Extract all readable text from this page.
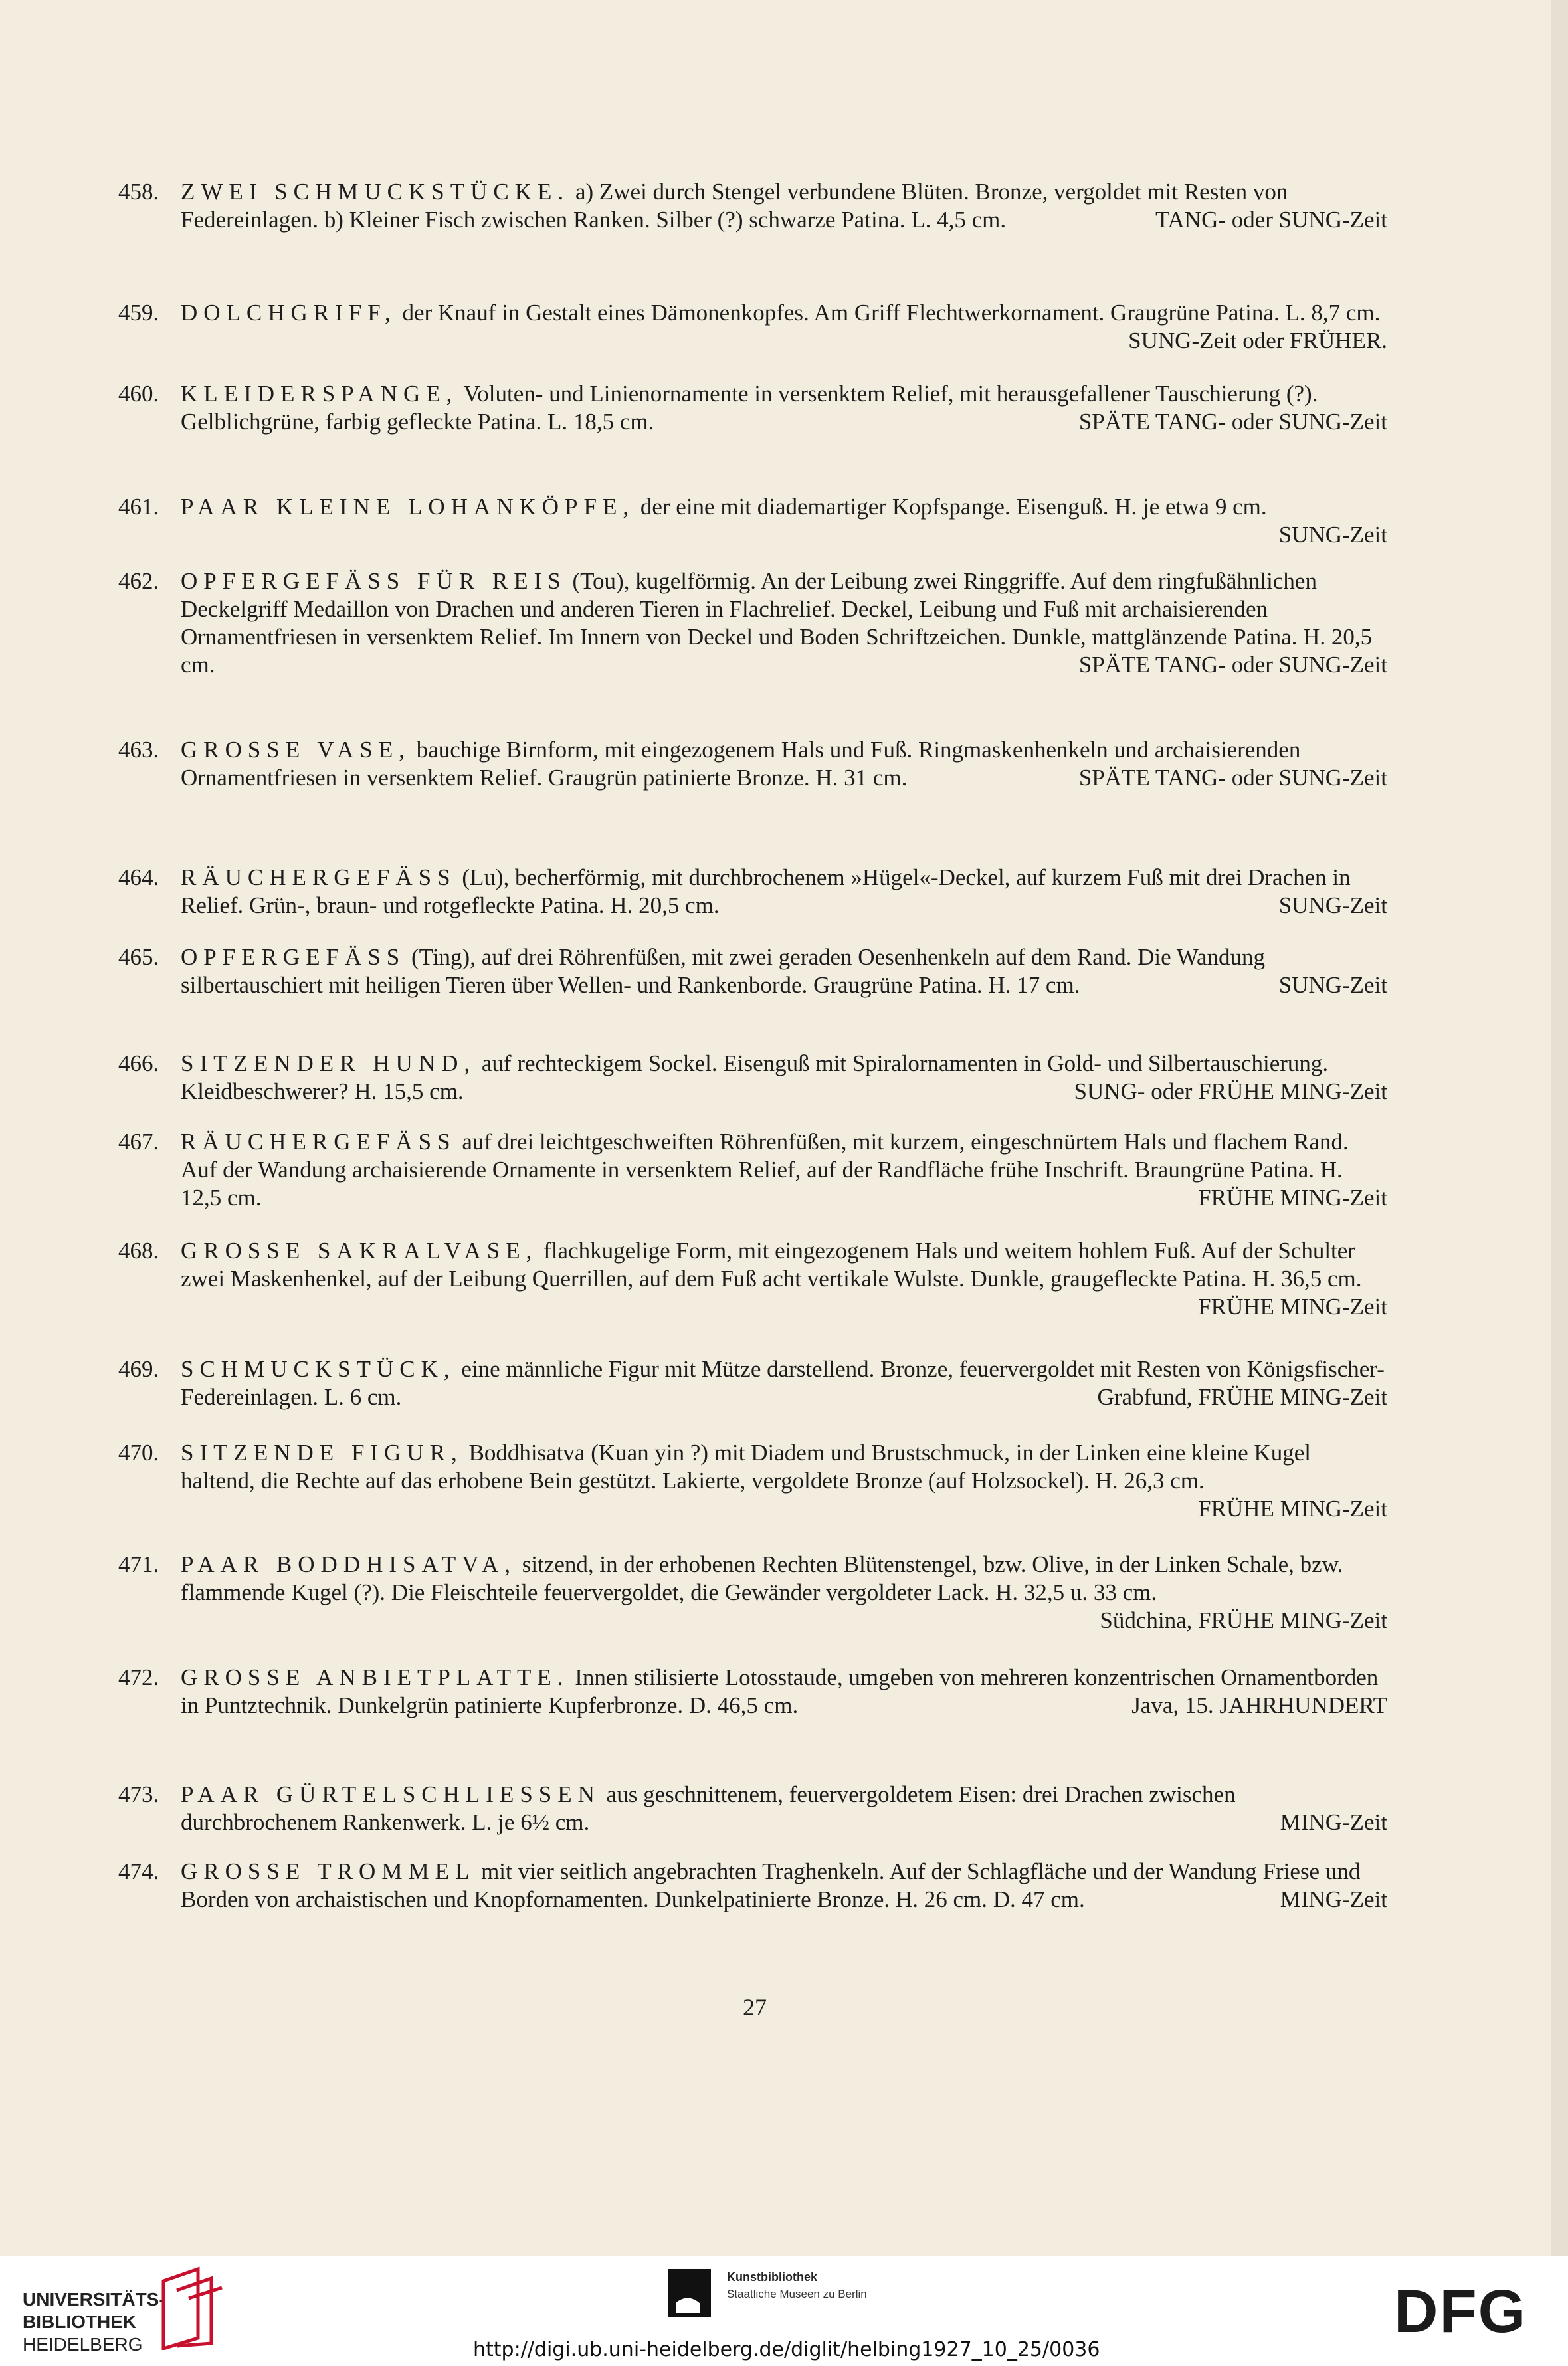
458. ZWEI SCHMUCKSTÜCKE. a) Zwei durch Stengel verbundene Blüten. Bronze, vergoldet mit Resten von Federeinlagen. b) Kleiner Fisch zwischen Ranken. Silber (?) schwarze Patina. L. 4,5 cm.	TANG- oder SUNG-Zeit
459. DOLCHGRIFF, der Knauf in Gestalt eines Dämonenkopfes. Am Griff Flechtwerkornament. Graugrüne Patina. L. 8,7 cm.
SUNG-Zeit oder FRÜHER.
460. KLEIDERSPANGE, Voluten- und Linienornamente in versenktem Relief, mit herausgefallener Tauschierung (?). Gelblichgrüne, farbig gefleckte Patina. L. 18,5 cm.	SPÄTE TANG- oder SUNG-Zeit
461. PAAR KLEINE LOHANKÖPFE, der eine mit diademartiger Kopfspange. Eisenguß. H. je etwa 9 cm.
SUNG-Zeit
462. OPFERGEFÄSS FÜR REIS (Tou), kugelförmig. An der Leibung zwei Ringgriffe. Auf dem ringfußähnlichen Deckelgriff Medaillon von Drachen und anderen Tieren in Flachrelief. Deckel, Leibung und Fuß mit archaisierenden Ornamentfriesen in versenktem Relief. Im Innern von Deckel und Boden Schriftzeichen. Dunkle, mattglänzende Patina. H. 20,5 cm.	SPÄTE TANG- oder SUNG-Zeit
463. GROSSE VASE, bauchige Birnform, mit eingezogenem Hals und Fuß. Ringmaskenhenkeln und archaisierenden Ornamentfriesen in versenktem Relief. Graugrün patinierte Bronze. H. 31 cm.	SPÄTE TANG- oder SUNG-Zeit
464. RÄUCHERGEFÄSS (Lu), becherförmig, mit durchbrochenem »Hügel«-Deckel, auf kurzem Fuß mit drei Drachen in Relief. Grün-, braun- und rotgefleckte Patina. H. 20,5 cm.	SUNG-Zeit
465. OPFERGEFÄSS (Ting), auf drei Röhrenfüßen, mit zwei geraden Oesenhenkeln auf dem Rand. Die Wandung silbertauschiert mit heiligen Tieren über Wellen- und Rankenborde. Graugrüne Patina. H. 17 cm.	SUNG-Zeit
466. SITZENDER HUND, auf rechteckigem Sockel. Eisenguß mit Spiralornamenten in Gold- und Silbertauschierung. Kleidbeschwerer? H. 15,5 cm.	SUNG- oder FRÜHE MING-Zeit
467. RÄUCHERGEFÄSS auf drei leichtgeschweiften Röhrenfüßen, mit kurzem, eingeschnürtem Hals und flachem Rand. Auf der Wandung archaisierende Ornamente in versenktem Relief, auf der Randfläche frühe Inschrift. Braungrüne Patina. H. 12,5 cm.	FRÜHE MING-Zeit
468. GROSSE SAKRALVASE, flachkugelige Form, mit eingezogenem Hals und weitem hohlem Fuß. Auf der Schulter zwei Maskenhenkel, auf der Leibung Querrillen, auf dem Fuß acht vertikale Wulste. Dunkle, graugefleckte Patina. H. 36,5 cm.
FRÜHE MING-Zeit
469. SCHMUCKSTÜCK, eine männliche Figur mit Mütze darstellend. Bronze, feuervergoldet mit Resten von Königsfischer-Federeinlagen. L. 6 cm.	Grabfund, FRÜHE MING-Zeit
470. SITZENDE FIGUR, Boddhisatva (Kuan yin ?) mit Diadem und Brustschmuck, in der Linken eine kleine Kugel haltend, die Rechte auf das erhobene Bein gestützt. Lakierte, vergoldete Bronze (auf Holzsockel). H. 26,3 cm.
FRÜHE MING-Zeit
471. PAAR BODDHISATVA, sitzend, in der erhobenen Rechten Blütenstengel, bzw. Olive, in der Linken Schale, bzw. flammende Kugel (?). Die Fleischteile feuervergoldet, die Gewänder vergoldeter Lack. H. 32,5 u. 33 cm.
Südchina, FRÜHE MING-Zeit
472. GROSSE ANBIETPLATTE. Innen stilisierte Lotosstaude, umgeben von mehreren konzentrischen Ornamentborden in Puntztechnik. Dunkelgrün patinierte Kupferbronze. D. 46,5 cm.	Java, 15. JAHRHUNDERT
473. PAAR GÜRTELSCHLIESSEN aus geschnittenem, feuervergoldetem Eisen: drei Drachen zwischen durchbrochenem Rankenwerk. L. je 6½ cm.	MING-Zeit
474. GROSSE TROMMEL mit vier seitlich angebrachten Traghenkeln. Auf der Schlagfläche und der Wandung Friese und Borden von archaistischen und Knopfornamenten. Dunkelpatinierte Bronze. H. 26 cm. D. 47 cm.	MING-Zeit
27
UNIVERSITÄTS-
BIBLIOTHEK
HEIDELBERG
Kunstbibliothek
Staatliche Museen zu Berlin	DFG
http://digi.ub.uni-heidelberg.de/diglit/helbing1927_10_25/0036
